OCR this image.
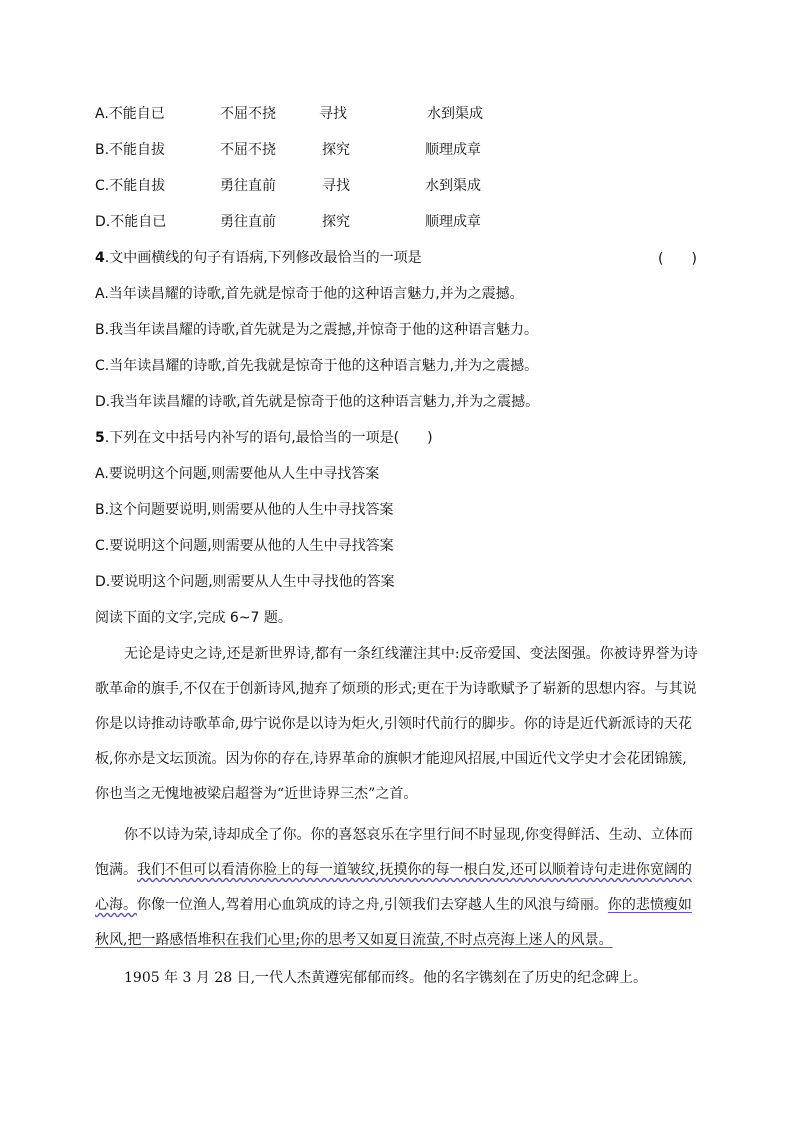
A.不能自已	不屈不挠	寻找	水到渠成
B.不能自拔	不屈不挠	探究	顺理成章
C.不能自拔	勇往直前	寻找	水到渠成
D.不能自已	勇往直前	探究	顺理成章
4.文中画横线的句子有语病,下列修改最恰当的一项是	(　　)
A.当年读昌耀的诗歌,首先就是惊奇于他的这种语言魅力,并为之震撼。
B.我当年读昌耀的诗歌,首先就是为之震撼,并惊奇于他的这种语言魅力。
C.当年读昌耀的诗歌,首先我就是惊奇于他的这种语言魅力,并为之震撼。
D.我当年读昌耀的诗歌,首先就是惊奇于他的这种语言魅力,并为之震撼。
5.下列在文中括号内补写的语句,最恰当的一项是(　　)
A.要说明这个问题,则需要他从人生中寻找答案
B.这个问题要说明,则需要从他的人生中寻找答案
C.要说明这个问题,则需要从他的人生中寻找答案
D.要说明这个问题,则需要从人生中寻找他的答案
阅读下面的文字,完成 6~7 题。
无论是诗史之诗,还是新世界诗,都有一条红线灌注其中:反帝爱国、变法图强。你被诗界誉为诗
歌革命的旗手,不仅在于创新诗风,抛弃了烦琐的形式;更在于为诗歌赋予了崭新的思想内容。与其说
你是以诗推动诗歌革命,毋宁说你是以诗为炬火,引领时代前行的脚步。你的诗是近代新派诗的天花
板,你亦是文坛顶流。因为你的存在,诗界革命的旗帜才能迎风招展,中国近代文学史才会花团锦簇,
你也当之无愧地被梁启超誉为“近世诗界三杰”之首。
你不以诗为荣,诗却成全了你。你的喜怒哀乐在字里行间不时显现,你变得鲜活、生动、立体而
饱满。我们不但可以看清你脸上的每一道皱纹,抚摸你的每一根白发,还可以顺着诗句走进你宽阔的
心海。你像一位渔人,驾着用心血筑成的诗之舟,引领我们去穿越人生的风浪与绮丽。你的悲愤瘦如
秋风,把一路感悟堆积在我们心里;你的思考又如夏日流萤,不时点亮海上迷人的风景。
1905 年 3 月 28 日,一代人杰黄遵宪郁郁而终。他的名字镌刻在了历史的纪念碑上。
